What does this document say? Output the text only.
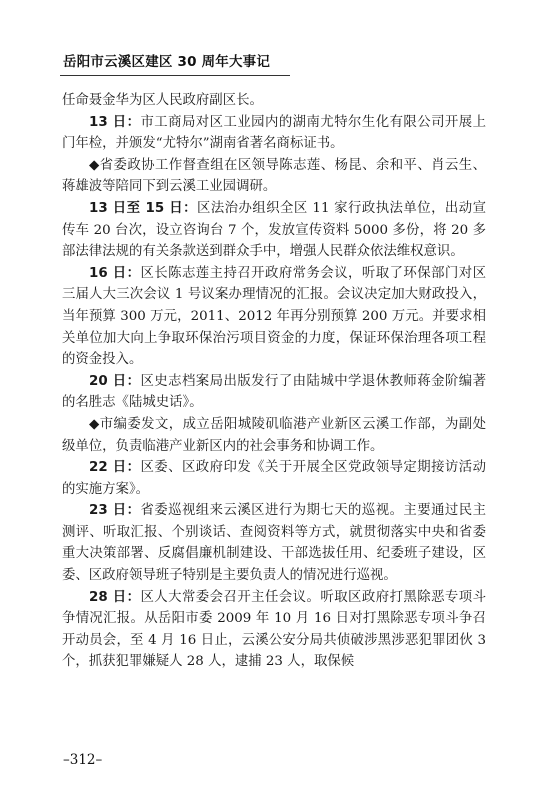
岳阳市云溪区建区 30 周年大事记

任命聂金华为区人民政府副区长。

13 日：市工商局对区工业园内的湖南尤特尔生化有限公司开展上门年检，并颁发“尤特尔”湖南省著名商标证书。

◆省委政协工作督查组在区领导陈志莲、杨昆、余和平、肖云生、蒋雄波等陪同下到云溪工业园调研。

13 日至 15 日：区法治办组织全区 11 家行政执法单位，出动宣传车 20 台次，设立咨询台 7 个，发放宣传资料 5000 多份，将 20 多部法律法规的有关条款送到群众手中，增强人民群众依法维权意识。

16 日：区长陈志莲主持召开政府常务会议，听取了环保部门对区三届人大三次会议 1 号议案办理情况的汇报。会议决定加大财政投入，当年预算 300 万元，2011、2012 年再分别预算 200 万元。并要求相关单位加大向上争取环保治污项目资金的力度，保证环保治理各项工程的资金投入。

20 日：区史志档案局出版发行了由陆城中学退休教师蒋金阶编著的名胜志《陆城史话》。

◆市编委发文，成立岳阳城陵矶临港产业新区云溪工作部，为副处级单位，负责临港产业新区内的社会事务和协调工作。

22 日：区委、区政府印发《关于开展全区党政领导定期接访活动的实施方案》。

23 日：省委巡视组来云溪区进行为期七天的巡视。主要通过民主测评、听取汇报、个别谈话、查阅资料等方式，就贯彻落实中央和省委重大决策部署、反腐倡廉机制建设、干部选拔任用、纪委班子建设，区委、区政府领导班子特别是主要负责人的情况进行巡视。

28 日：区人大常委会召开主任会议。听取区政府打黑除恶专项斗争情况汇报。从岳阳市委 2009 年 10 月 16 日对打黑除恶专项斗争召开动员会，至 4 月 16 日止，云溪公安分局共侦破涉黑涉恶犯罪团伙 3 个，抓获犯罪嫌疑人 28 人，逮捕 23 人，取保候

–312–
